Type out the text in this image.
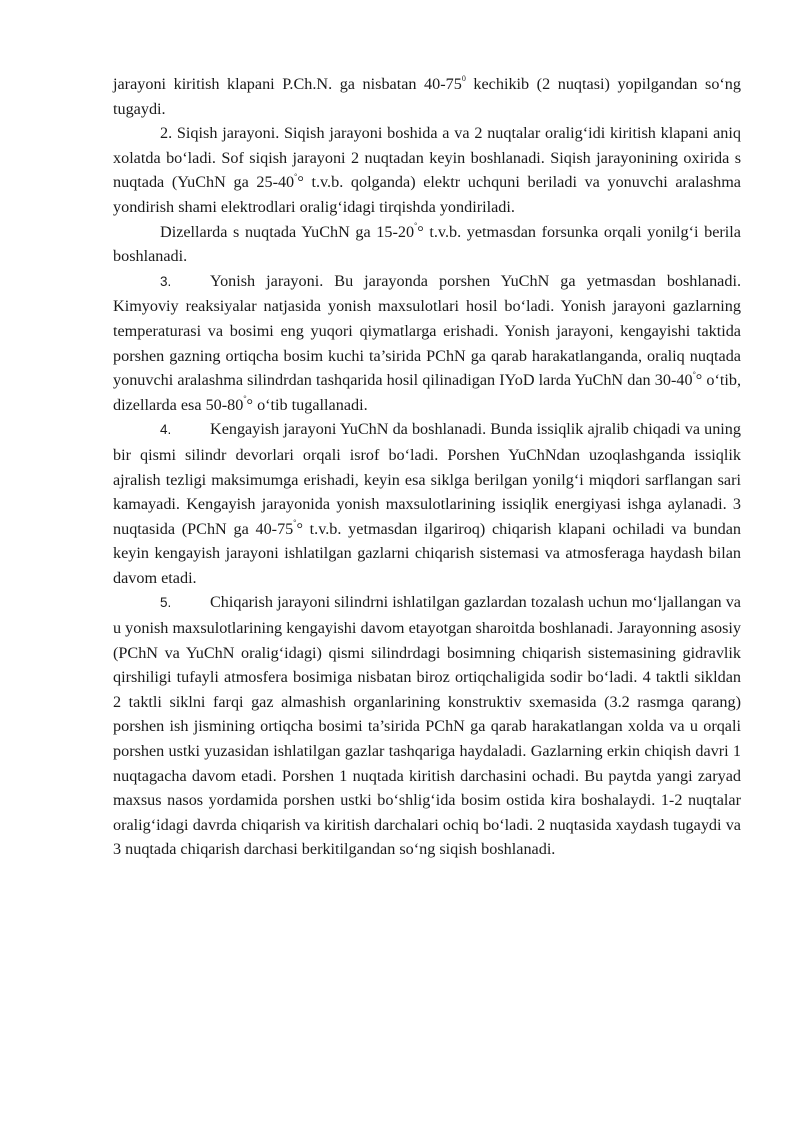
jarayoni kiritish klapani P.Ch.N. ga nisbatan $40-75^0$ kechikib (2 nuqtasi) yopilgandan so‘ng tugaydi.

2. Siqish jarayoni. Siqish jarayoni boshida a va 2 nuqtalar oralig‘idi kiritish klapani aniq xolatda bo‘ladi. Sof siqish jarayoni 2 nuqtadan keyin boshlanadi. Siqish jarayonining oxirida s nuqtada (YuChN ga 25-40°° t.v.b. qolganda) elektr uchquni beriladi va yonuvchi aralashma yondirish shami elektrodlari oralig‘idagi tirqishda yondiriladi.

Dizellarda s nuqtada YuChN ga 15-20°° t.v.b. yetmasdan forsunka orqali yonilg‘i berila boshlanadi.

3. Yonish jarayoni. Bu jarayonda porshen YuChN ga yetmasdan boshlanadi. Kimyoviy reaksiyalar natjasida yonish maxsulotlari hosil bo‘ladi. Yonish jarayoni gazlarning temperaturasi va bosimi eng yuqori qiymatlarga erishadi. Yonish jarayoni, kengayishi taktida porshen gazning ortiqcha bosim kuchi ta’sirida PChN ga qarab harakatlanganda, oraliq nuqtada yonuvchi aralashma silindrdan tashqarida hosil qilinadigan IYoD larda YuChN dan 30-40°° o‘tib, dizellarda esa 50-80°° o‘tib tugallanadi.

4. Kengayish jarayoni YuChN da boshlanadi. Bunda issiqlik ajralib chiqadi va uning bir qismi silindr devorlari orqali isrof bo‘ladi. Porshen YuChNdan uzoqlashganda issiqlik ajralish tezligi maksimumga erishadi, keyin esa siklga berilgan yonilg‘i miqdori sarflangan sari kamayadi. Kengayish jarayonida yonish maxsulotlarining issiqlik energiyasi ishga aylanadi. 3 nuqtasida (PChN ga 40-75°° t.v.b. yetmasdan ilgariroq) chiqarish klapani ochiladi va bundan keyin kengayish jarayoni ishlatilgan gazlarni chiqarish sistemasi va atmosferaga haydash bilan davom etadi.

5. Chiqarish jarayoni silindrni ishlatilgan gazlardan tozalash uchun mo‘ljallangan va u yonish maxsulotlarining kengayishi davom etayotgan sharoitda boshlanadi. Jarayonning asosiy (PChN va YuChN oralig‘idagi) qismi silindrdagi bosimning chiqarish sistemasining gidravlik qirshiligi tufayli atmosfera bosimiga nisbatan biroz ortiqchaligida sodir bo‘ladi. 4 taktli sikldan 2 taktli siklni farqi gaz almashish organlarining konstruktiv sxemasida (3.2 rasmga qarang) porshen ish jismining ortiqcha bosimi ta’sirida PChN ga qarab harakatlangan xolda va u orqali porshen ustki yuzasidan ishlatilgan gazlar tashqariga haydaladi. Gazlarning erkin chiqish davri 1 nuqtagacha davom etadi. Porshen 1 nuqtada kiritish darchasini ochadi. Bu paytda yangi zaryad maxsus nasos yordamida porshen ustki bo‘shlig‘ida bosim ostida kira boshalaydi. 1-2 nuqtalar oralig‘idagi davrda chiqarish va kiritish darchalari ochiq bo‘ladi. 2 nuqtasida xaydash tugaydi va 3 nuqtada chiqarish darchasi berkitilgandan so‘ng siqish boshlanadi.
